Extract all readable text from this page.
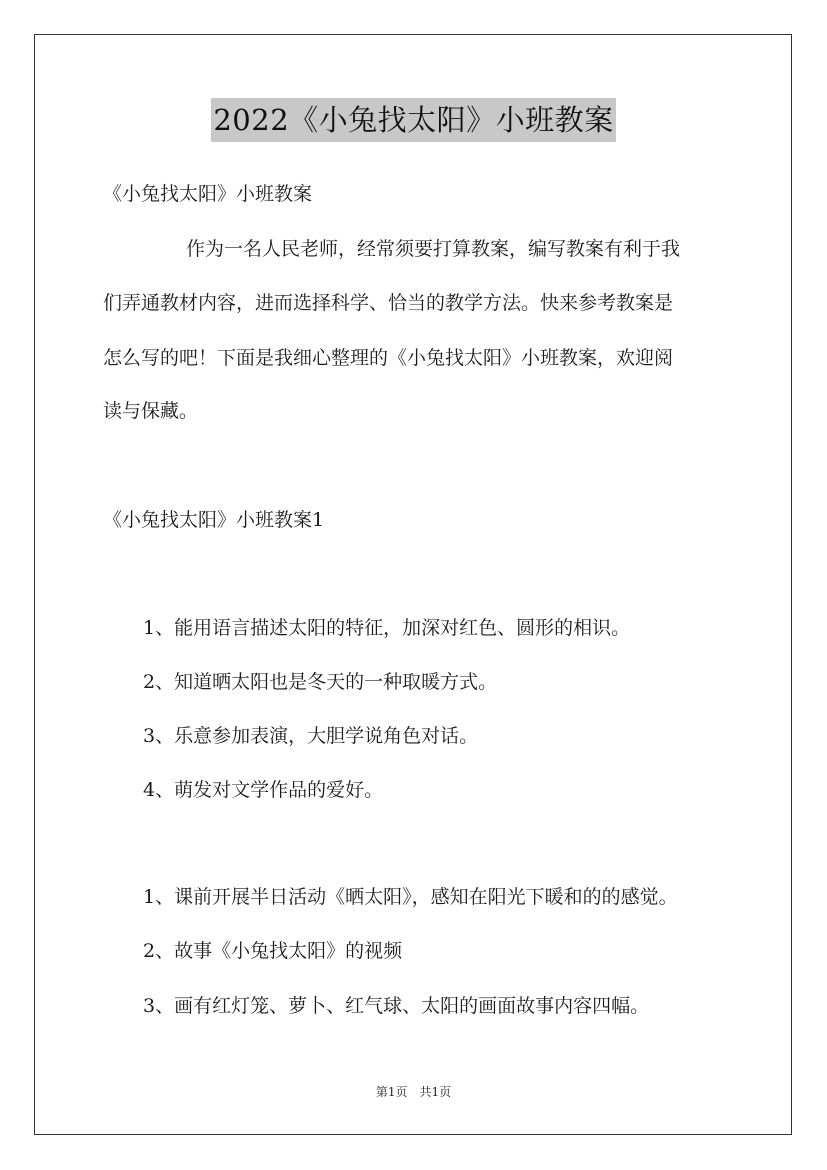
2022《小兔找太阳》小班教案
《小兔找太阳》小班教案
作为一名人民老师，经常须要打算教案，编写教案有利于我
们弄通教材内容，进而选择科学、恰当的教学方法。快来参考教案是
怎么写的吧！下面是我细心整理的《小兔找太阳》小班教案，欢迎阅
读与保藏。
《小兔找太阳》小班教案1
1、能用语言描述太阳的特征，加深对红色、圆形的相识。
2、知道晒太阳也是冬天的一种取暖方式。
3、乐意参加表演，大胆学说角色对话。
4、萌发对文学作品的爱好。
1、课前开展半日活动《晒太阳》，感知在阳光下暖和的的感觉。
2、故事《小兔找太阳》的视频
3、画有红灯笼、萝卜、红气球、太阳的画面故事内容四幅。
第1页 共1页
